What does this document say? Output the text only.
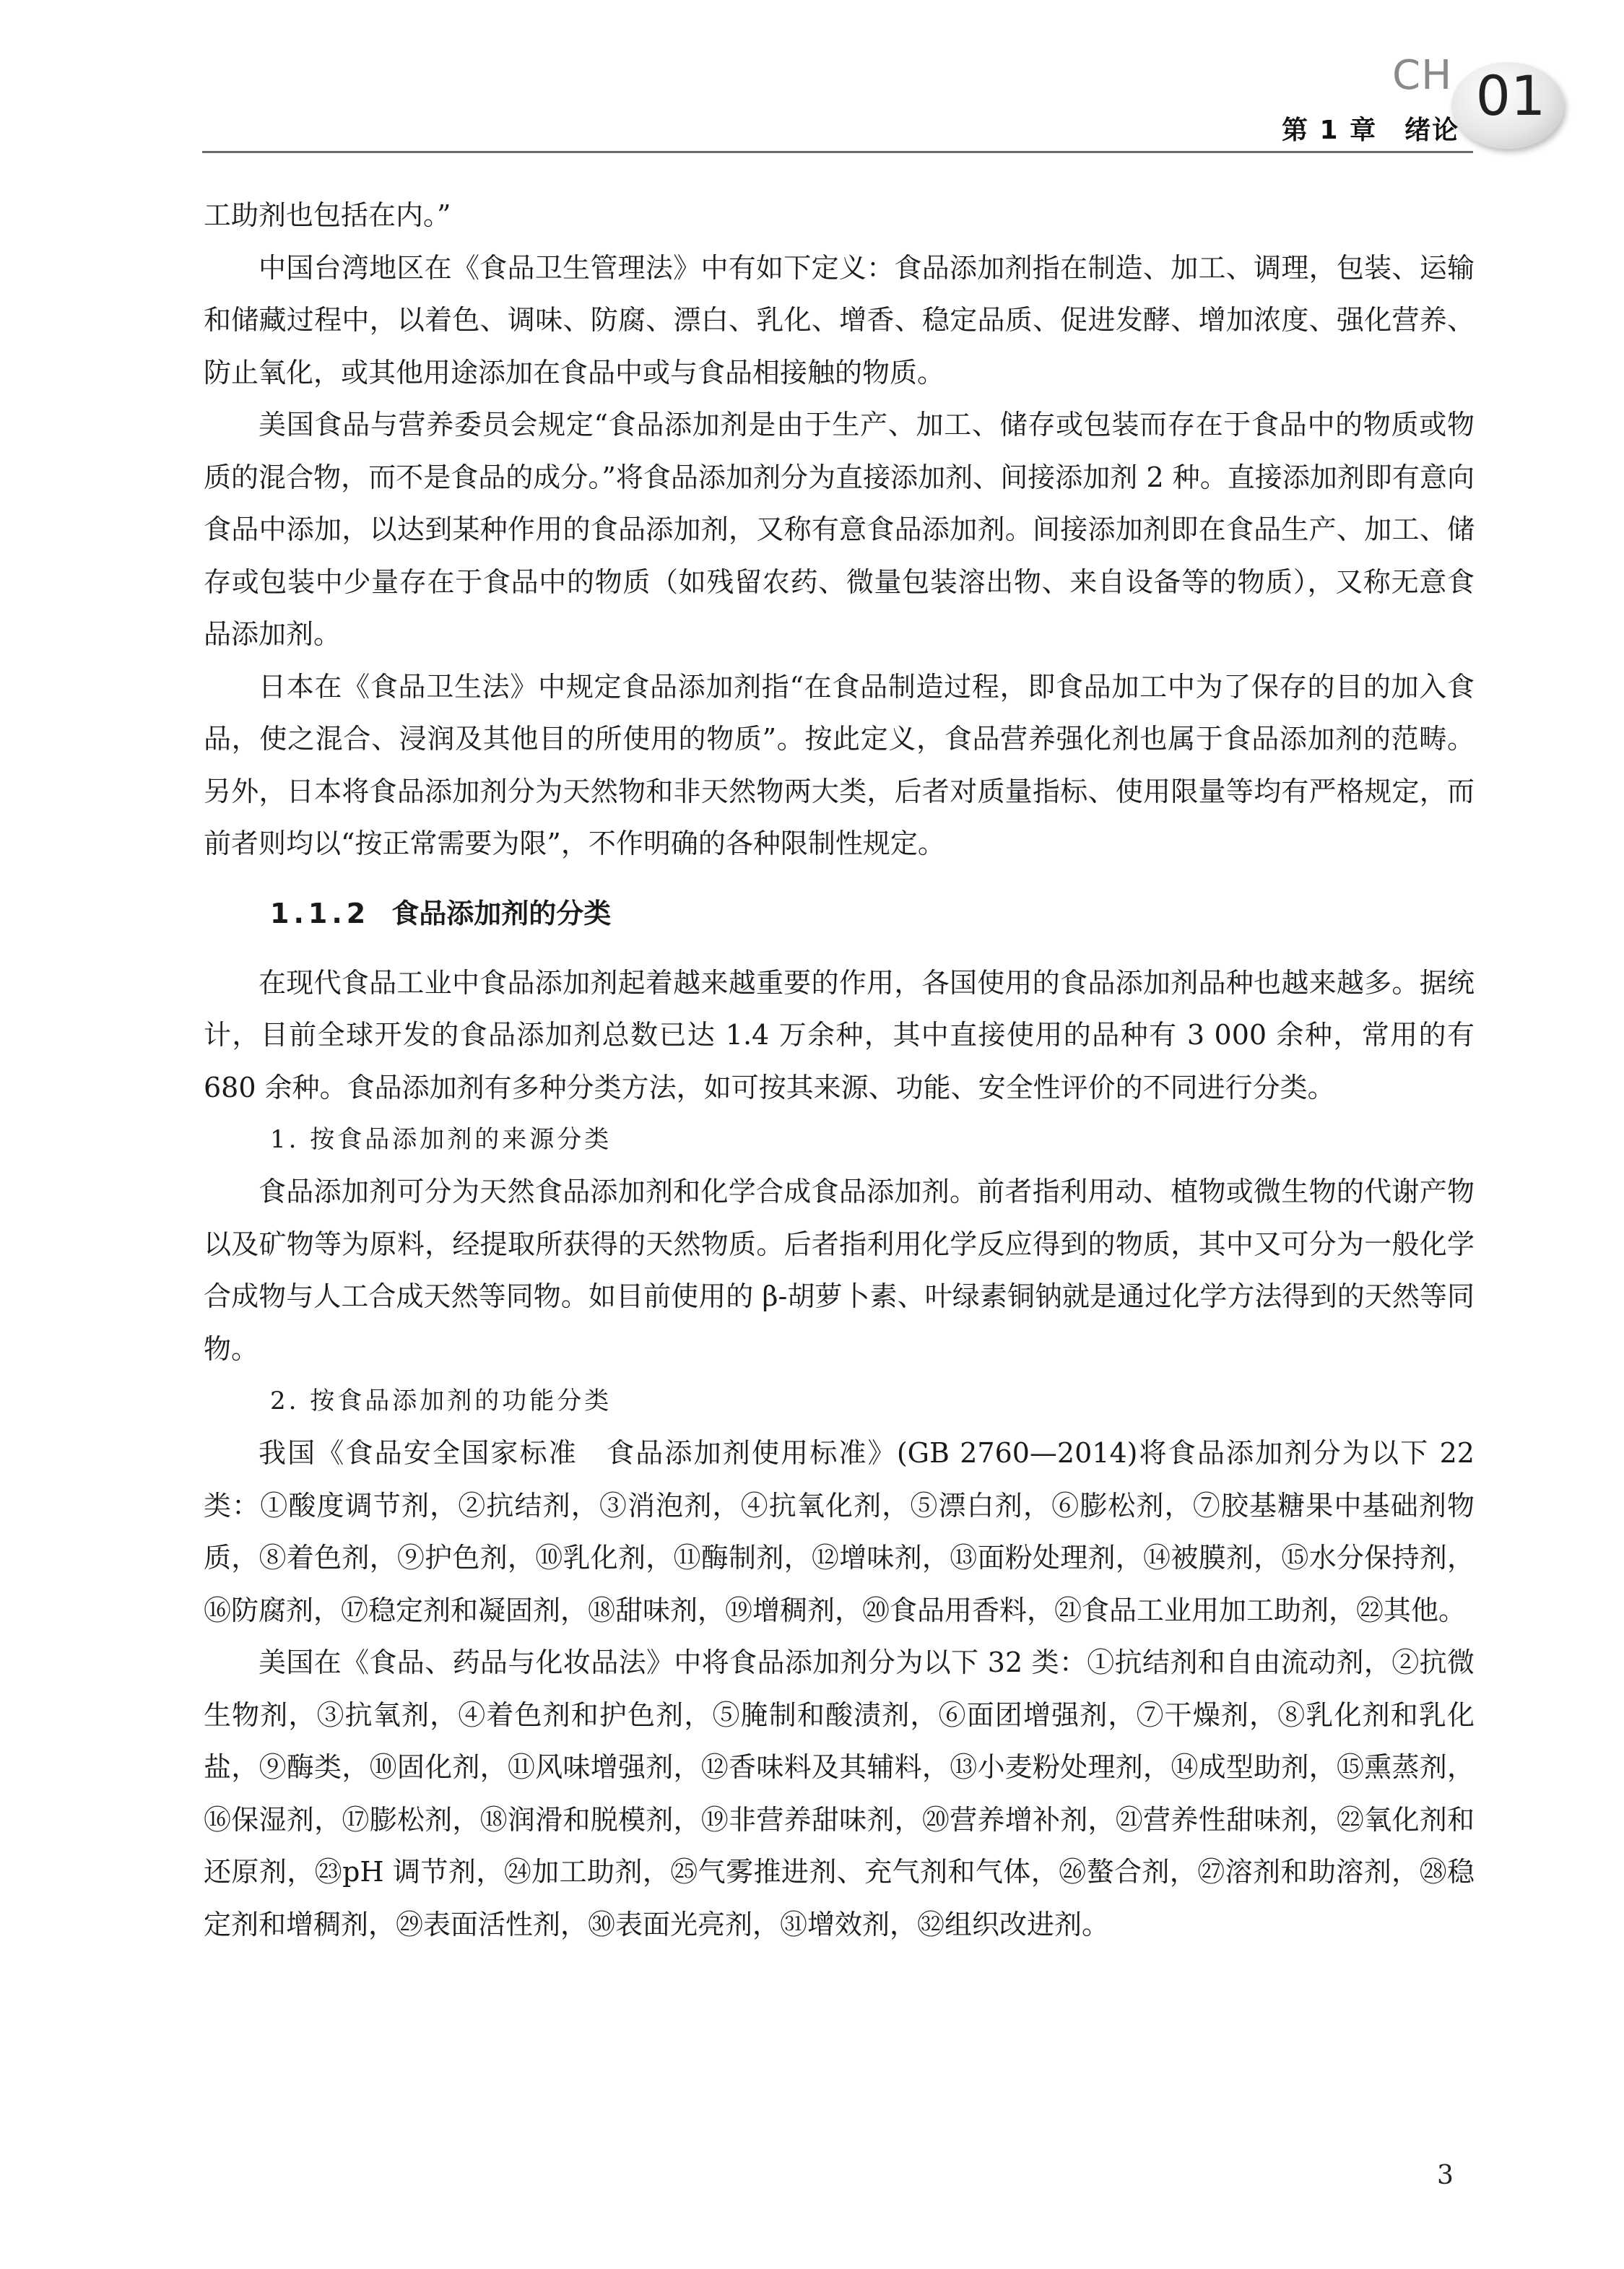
第 1 章　绪论
CH 01

工助剂也包括在内。”

中国台湾地区在《食品卫生管理法》中有如下定义：食品添加剂指在制造、加工、调理，包装、运输和储藏过程中，以着色、调味、防腐、漂白、乳化、增香、稳定品质、促进发酵、增加浓度、强化营养、防止氧化，或其他用途添加在食品中或与食品相接触的物质。

美国食品与营养委员会规定“食品添加剂是由于生产、加工、储存或包装而存在于食品中的物质或物质的混合物，而不是食品的成分。”将食品添加剂分为直接添加剂、间接添加剂 2 种。直接添加剂即有意向食品中添加，以达到某种作用的食品添加剂，又称有意食品添加剂。间接添加剂即在食品生产、加工、储存或包装中少量存在于食品中的物质（如残留农药、微量包装溶出物、来自设备等的物质），又称无意食品添加剂。

日本在《食品卫生法》中规定食品添加剂指“在食品制造过程，即食品加工中为了保存的目的加入食品，使之混合、浸润及其他目的所使用的物质”。按此定义，食品营养强化剂也属于食品添加剂的范畴。另外，日本将食品添加剂分为天然物和非天然物两大类，后者对质量指标、使用限量等均有严格规定，而前者则均以“按正常需要为限”，不作明确的各种限制性规定。

1.1.2 食品添加剂的分类

在现代食品工业中食品添加剂起着越来越重要的作用，各国使用的食品添加剂品种也越来越多。据统计，目前全球开发的食品添加剂总数已达 1.4 万余种，其中直接使用的品种有 3 000 余种，常用的有 680 余种。食品添加剂有多种分类方法，如可按其来源、功能、安全性评价的不同进行分类。

1. 按食品添加剂的来源分类

食品添加剂可分为天然食品添加剂和化学合成食品添加剂。前者指利用动、植物或微生物的代谢产物以及矿物等为原料，经提取所获得的天然物质。后者指利用化学反应得到的物质，其中又可分为一般化学合成物与人工合成天然等同物。如目前使用的 β-胡萝卜素、叶绿素铜钠就是通过化学方法得到的天然等同物。

2. 按食品添加剂的功能分类

我国《食品安全国家标准　食品添加剂使用标准》(GB 2760—2014)将食品添加剂分为以下 22 类：①酸度调节剂，②抗结剂，③消泡剂，④抗氧化剂，⑤漂白剂，⑥膨松剂，⑦胶基糖果中基础剂物质，⑧着色剂，⑨护色剂，⑩乳化剂，⑪酶制剂，⑫增味剂，⑬面粉处理剂，⑭被膜剂，⑮水分保持剂，⑯防腐剂，⑰稳定剂和凝固剂，⑱甜味剂，⑲增稠剂，⑳食品用香料，㉑食品工业用加工助剂，㉒其他。

美国在《食品、药品与化妆品法》中将食品添加剂分为以下 32 类：①抗结剂和自由流动剂，②抗微生物剂，③抗氧剂，④着色剂和护色剂，⑤腌制和酸渍剂，⑥面团增强剂，⑦干燥剂，⑧乳化剂和乳化盐，⑨酶类，⑩固化剂，⑪风味增强剂，⑫香味料及其辅料，⑬小麦粉处理剂，⑭成型助剂，⑮熏蒸剂，⑯保湿剂，⑰膨松剂，⑱润滑和脱模剂，⑲非营养甜味剂，⑳营养增补剂，㉑营养性甜味剂，㉒氧化剂和还原剂，㉓pH 调节剂，㉔加工助剂，㉕气雾推进剂、充气剂和气体，㉖螯合剂，㉗溶剂和助溶剂，㉘稳定剂和增稠剂，㉙表面活性剂，㉚表面光亮剂，㉛增效剂，㉜组织改进剂。

3
